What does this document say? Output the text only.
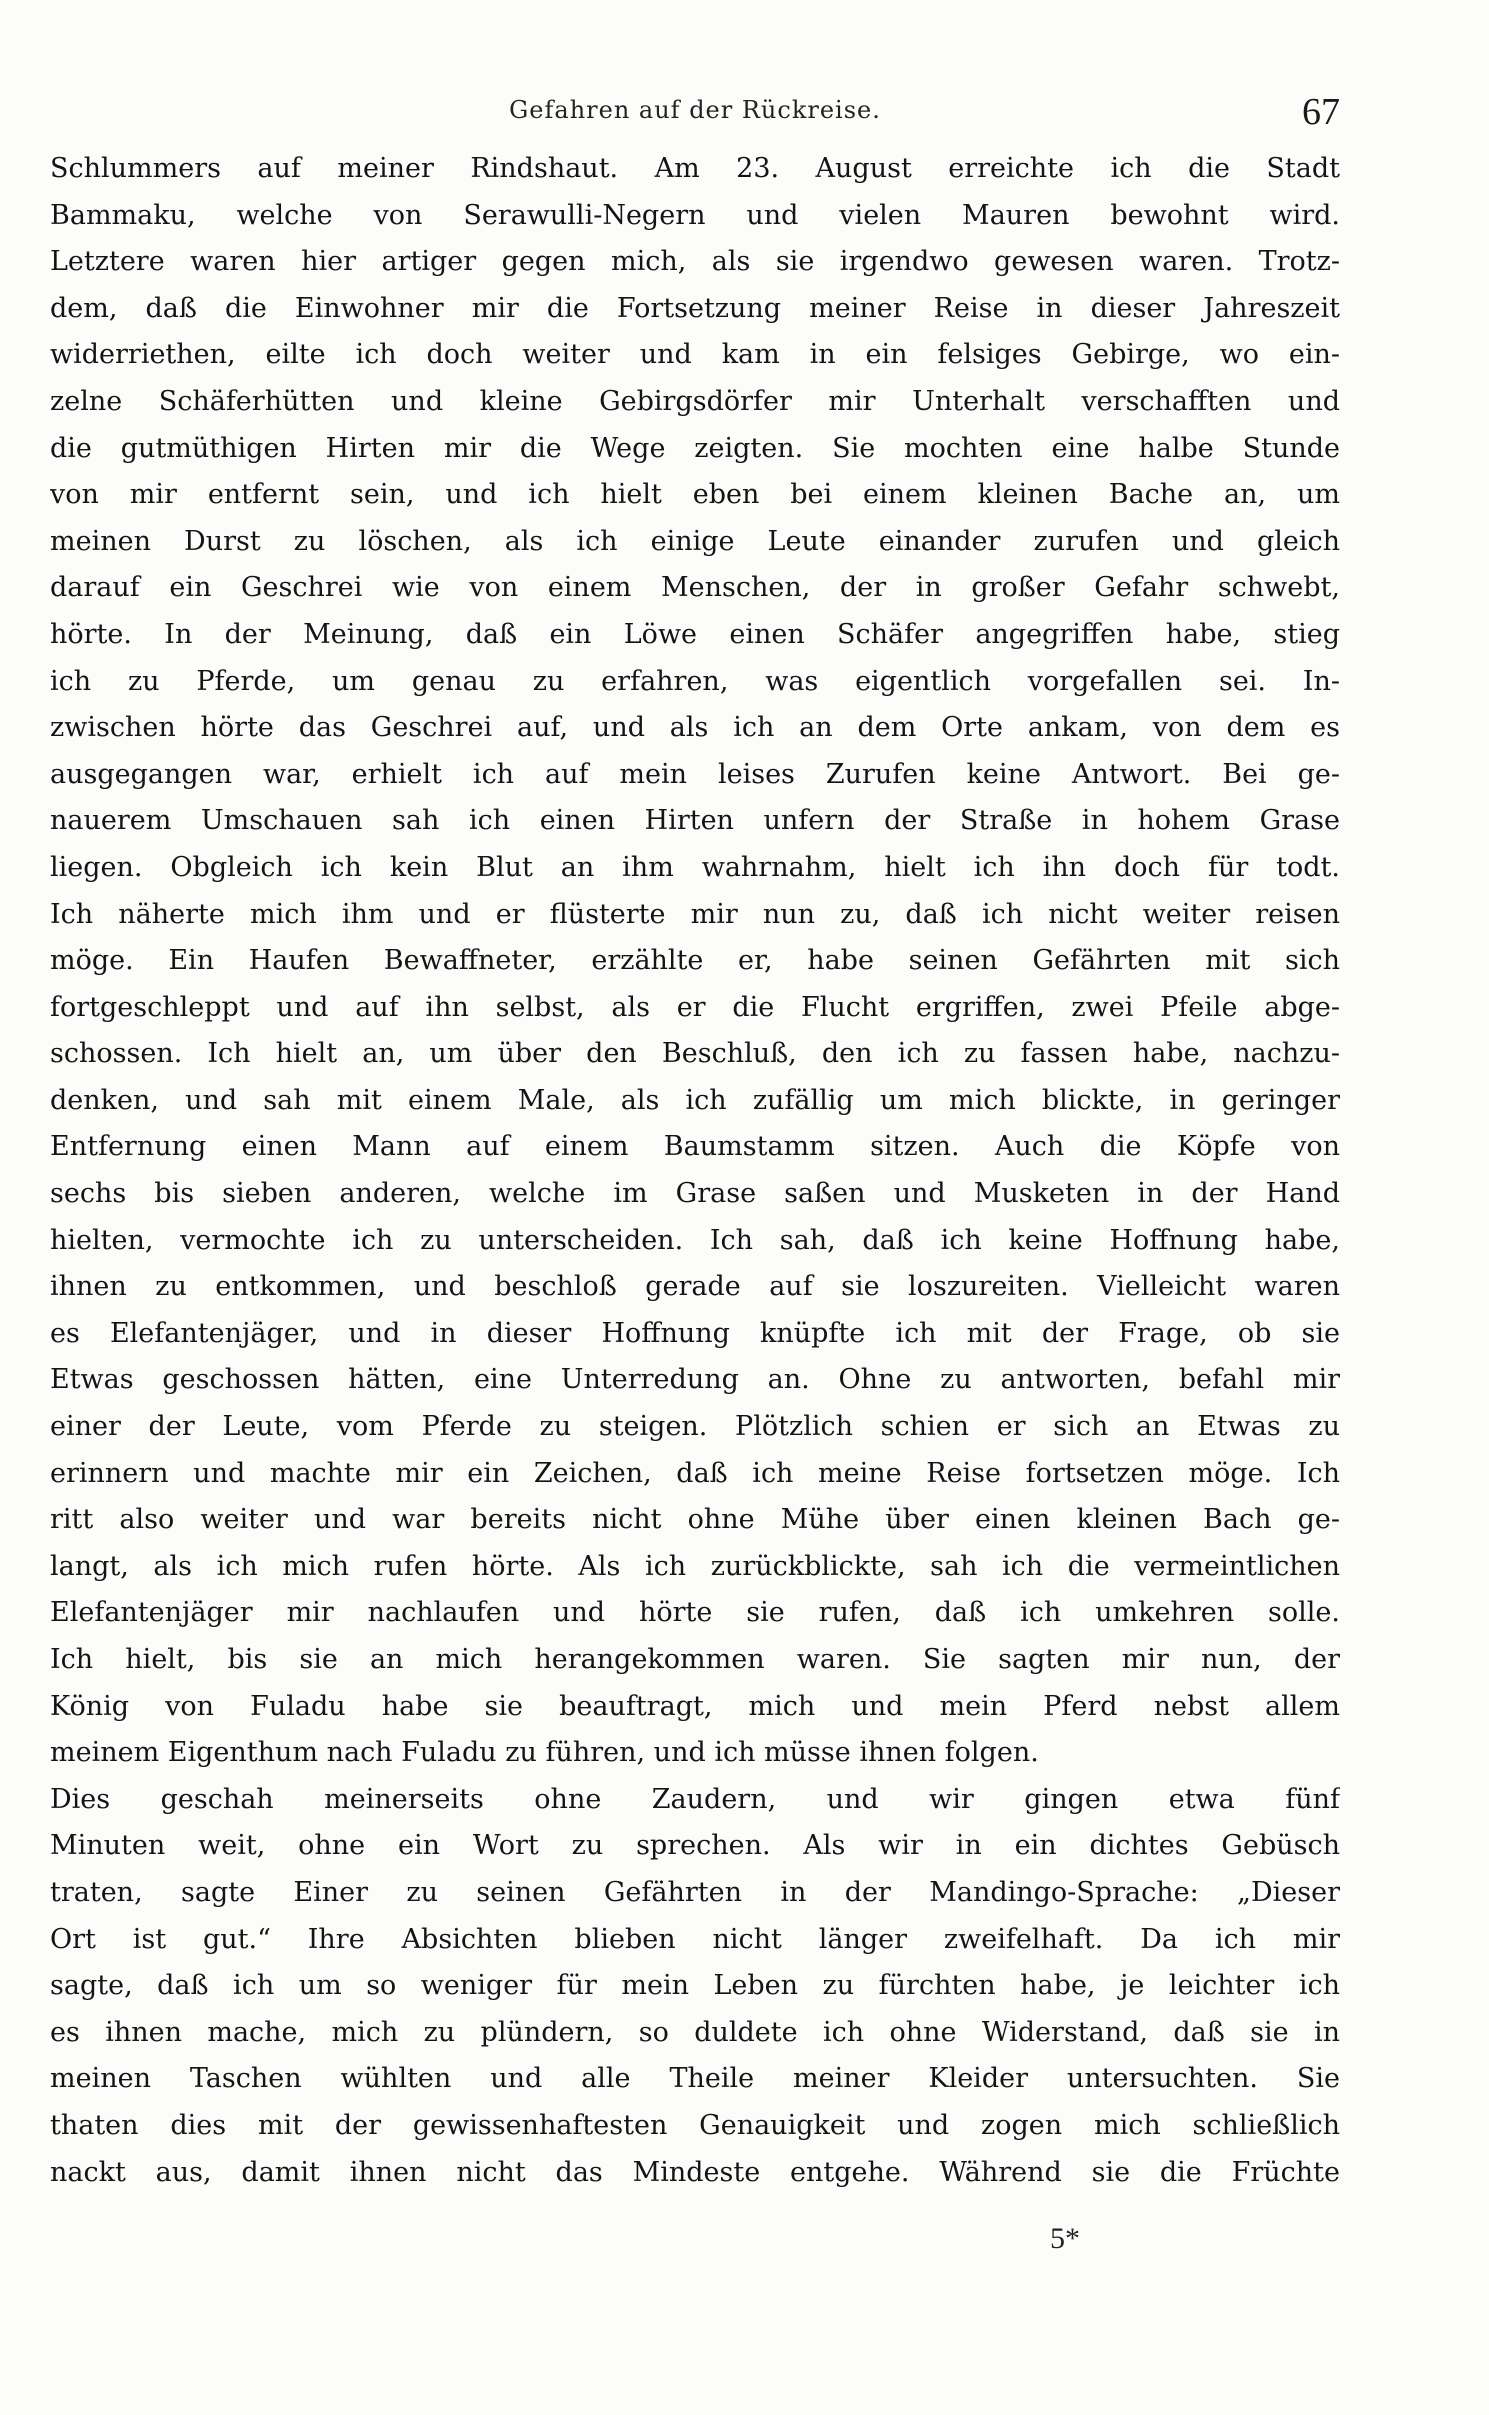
Gefahren auf der Rückreise.	67
Schlummers auf meiner Rindshaut. Am 23. August erreichte ich die Stadt
Bammaku, welche von Serawulli-Negern und vielen Mauren bewohnt wird.
Letztere waren hier artiger gegen mich, als sie irgendwo gewesen waren. Trotz-
dem, daß die Einwohner mir die Fortsetzung meiner Reise in dieser Jahreszeit
widerriethen, eilte ich doch weiter und kam in ein felsiges Gebirge, wo ein-
zelne Schäferhütten und kleine Gebirgsdörfer mir Unterhalt verschafften und
die gutmüthigen Hirten mir die Wege zeigten. Sie mochten eine halbe Stunde
von mir entfernt sein, und ich hielt eben bei einem kleinen Bache an, um
meinen Durst zu löschen, als ich einige Leute einander zurufen und gleich
darauf ein Geschrei wie von einem Menschen, der in großer Gefahr schwebt,
hörte. In der Meinung, daß ein Löwe einen Schäfer angegriffen habe, stieg
ich zu Pferde, um genau zu erfahren, was eigentlich vorgefallen sei. In-
zwischen hörte das Geschrei auf, und als ich an dem Orte ankam, von dem es
ausgegangen war, erhielt ich auf mein leises Zurufen keine Antwort. Bei ge-
nauerem Umschauen sah ich einen Hirten unfern der Straße in hohem Grase
liegen. Obgleich ich kein Blut an ihm wahrnahm, hielt ich ihn doch für todt.
Ich näherte mich ihm und er flüsterte mir nun zu, daß ich nicht weiter reisen
möge. Ein Haufen Bewaffneter, erzählte er, habe seinen Gefährten mit sich
fortgeschleppt und auf ihn selbst, als er die Flucht ergriffen, zwei Pfeile abge-
schossen. Ich hielt an, um über den Beschluß, den ich zu fassen habe, nachzu-
denken, und sah mit einem Male, als ich zufällig um mich blickte, in geringer
Entfernung einen Mann auf einem Baumstamm sitzen. Auch die Köpfe von
sechs bis sieben anderen, welche im Grase saßen und Musketen in der Hand
hielten, vermochte ich zu unterscheiden. Ich sah, daß ich keine Hoffnung habe,
ihnen zu entkommen, und beschloß gerade auf sie loszureiten. Vielleicht waren
es Elefantenjäger, und in dieser Hoffnung knüpfte ich mit der Frage, ob sie
Etwas geschossen hätten, eine Unterredung an. Ohne zu antworten, befahl mir
einer der Leute, vom Pferde zu steigen. Plötzlich schien er sich an Etwas zu
erinnern und machte mir ein Zeichen, daß ich meine Reise fortsetzen möge. Ich
ritt also weiter und war bereits nicht ohne Mühe über einen kleinen Bach ge-
langt, als ich mich rufen hörte. Als ich zurückblickte, sah ich die vermeintlichen
Elefantenjäger mir nachlaufen und hörte sie rufen, daß ich umkehren solle.
Ich hielt, bis sie an mich herangekommen waren. Sie sagten mir nun, der
König von Fuladu habe sie beauftragt, mich und mein Pferd nebst allem
meinem Eigenthum nach Fuladu zu führen, und ich müsse ihnen folgen.
Dies geschah meinerseits ohne Zaudern, und wir gingen etwa fünf
Minuten weit, ohne ein Wort zu sprechen. Als wir in ein dichtes Gebüsch
traten, sagte Einer zu seinen Gefährten in der Mandingo-Sprache: „Dieser
Ort ist gut.“ Ihre Absichten blieben nicht länger zweifelhaft. Da ich mir
sagte, daß ich um so weniger für mein Leben zu fürchten habe, je leichter ich
es ihnen mache, mich zu plündern, so duldete ich ohne Widerstand, daß sie in
meinen Taschen wühlten und alle Theile meiner Kleider untersuchten. Sie
thaten dies mit der gewissenhaftesten Genauigkeit und zogen mich schließlich
nackt aus, damit ihnen nicht das Mindeste entgehe. Während sie die Früchte
5*
